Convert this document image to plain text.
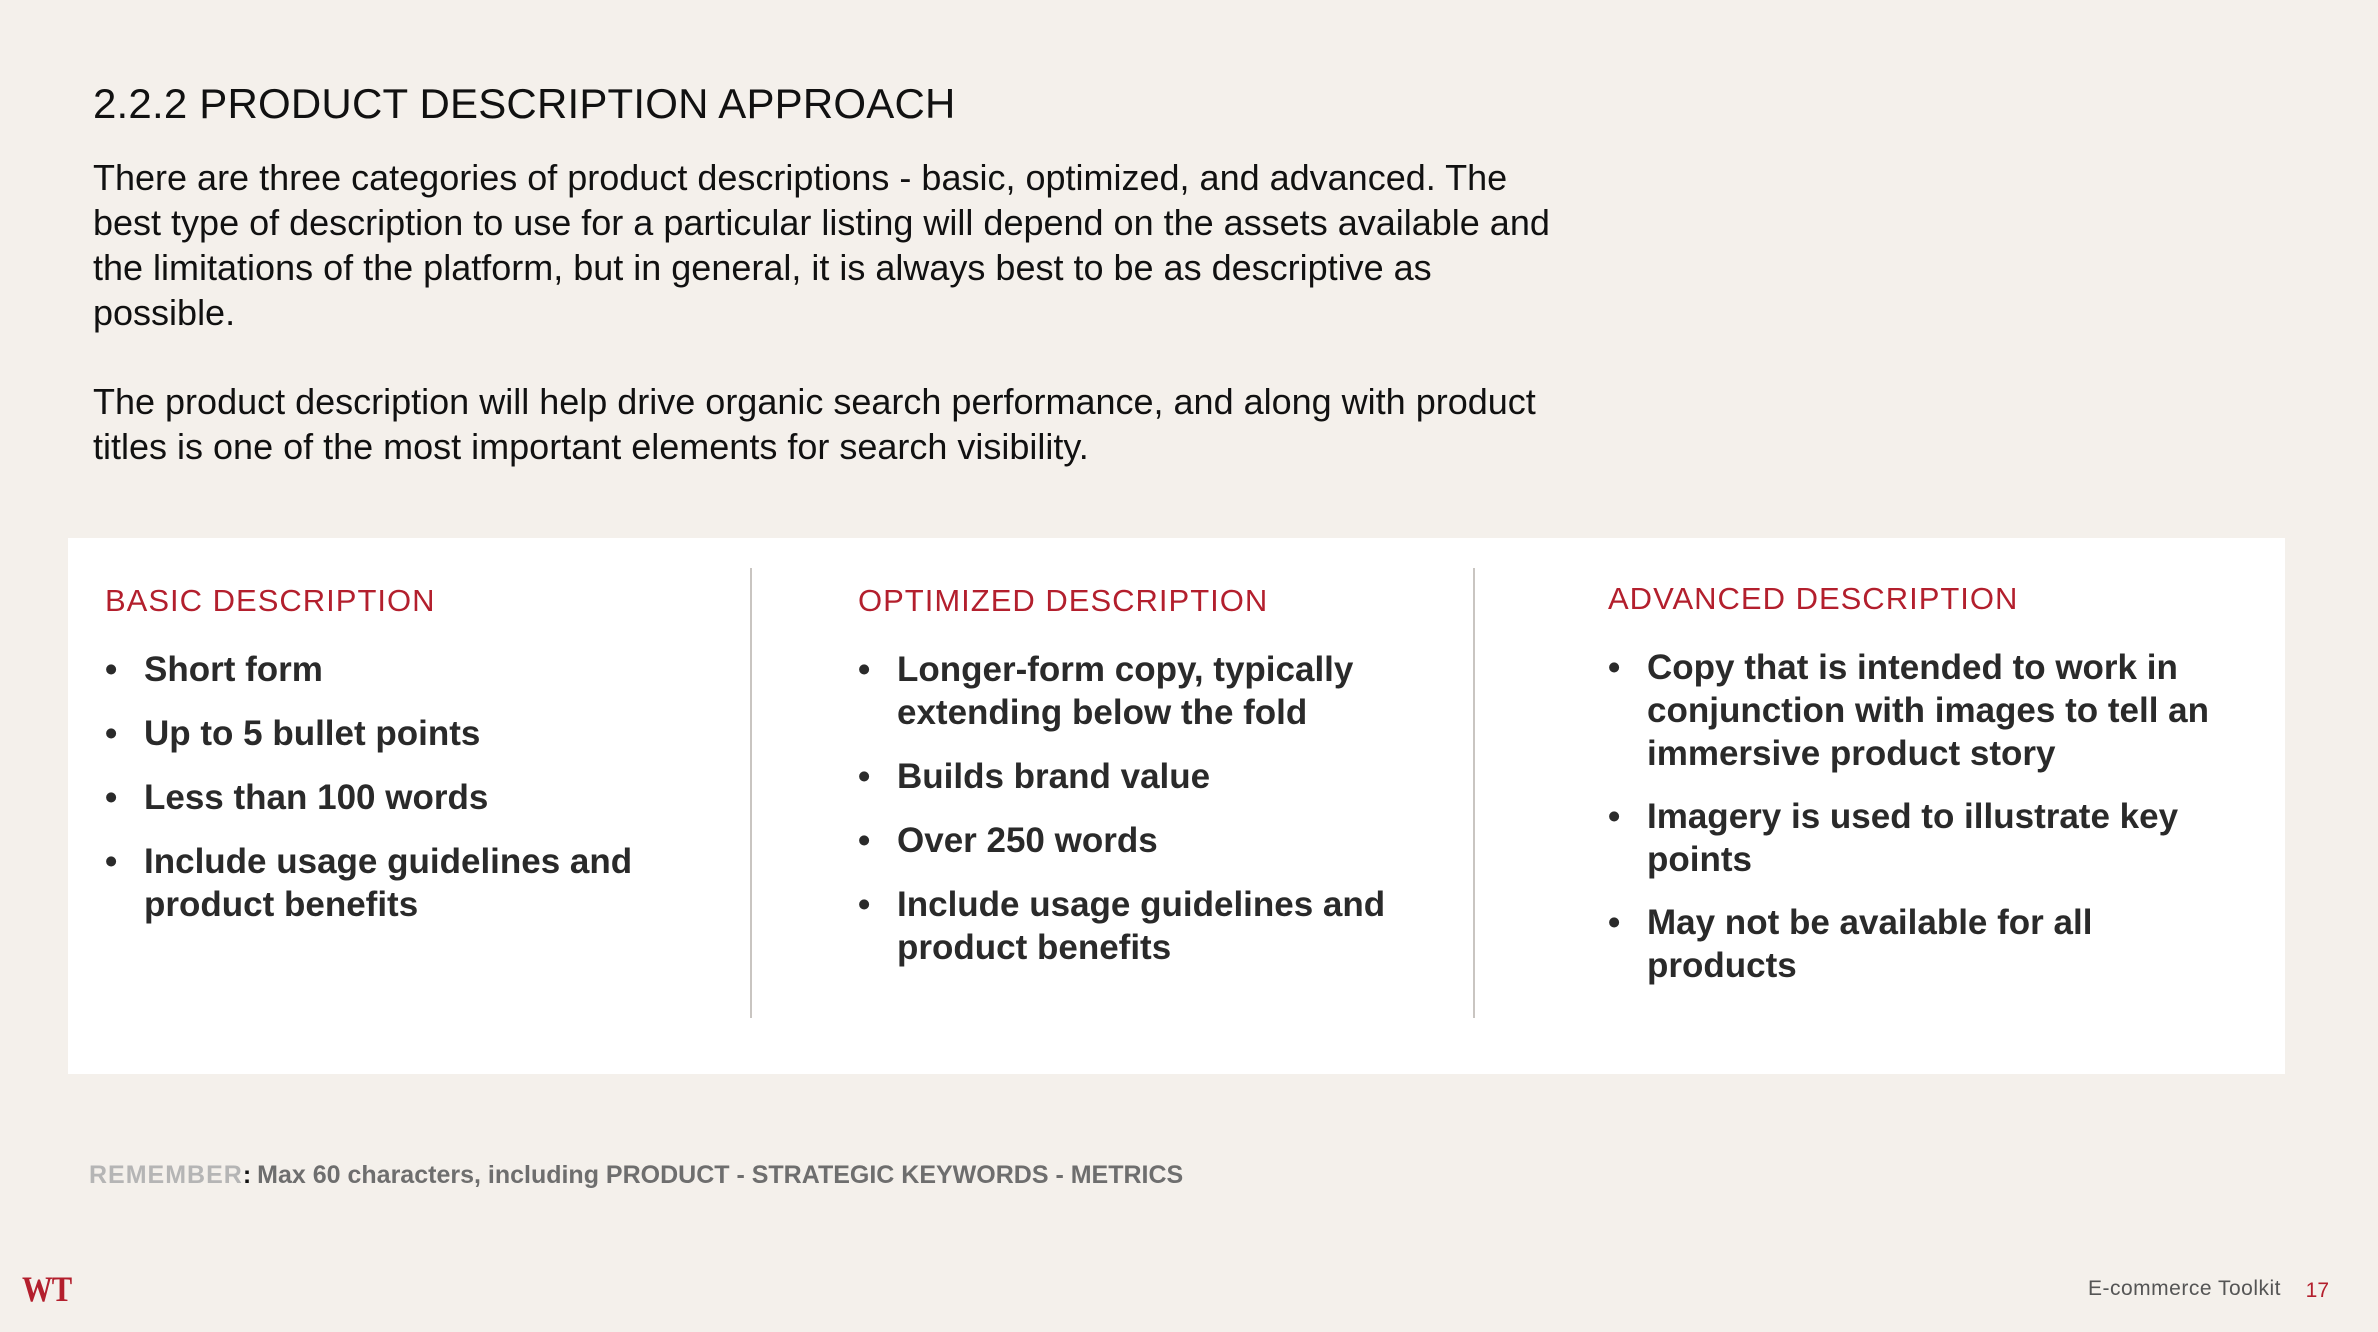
2.2.2 PRODUCT DESCRIPTION APPROACH

There are three categories of product descriptions - basic, optimized, and advanced. The best type of description to use for a particular listing will depend on the assets available and the limitations of the platform, but in general, it is always best to be as descriptive as possible.

The product description will help drive organic search performance, and along with product titles is one of the most important elements for search visibility.

BASIC DESCRIPTION
• Short form
• Up to 5 bullet points
• Less than 100 words
• Include usage guidelines and product benefits
OPTIMIZED DESCRIPTION
• Longer-form copy, typically extending below the fold
• Builds brand value
• Over 250 words
• Include usage guidelines and product benefits
ADVANCED DESCRIPTION
• Copy that is intended to work in conjunction with images to tell an immersive product story
• Imagery is used to illustrate key points
• May not be available for all products
REMEMBER: Max 60 characters, including PRODUCT - STRATEGIC KEYWORDS - METRICS
WT	E-commerce Toolkit 17
